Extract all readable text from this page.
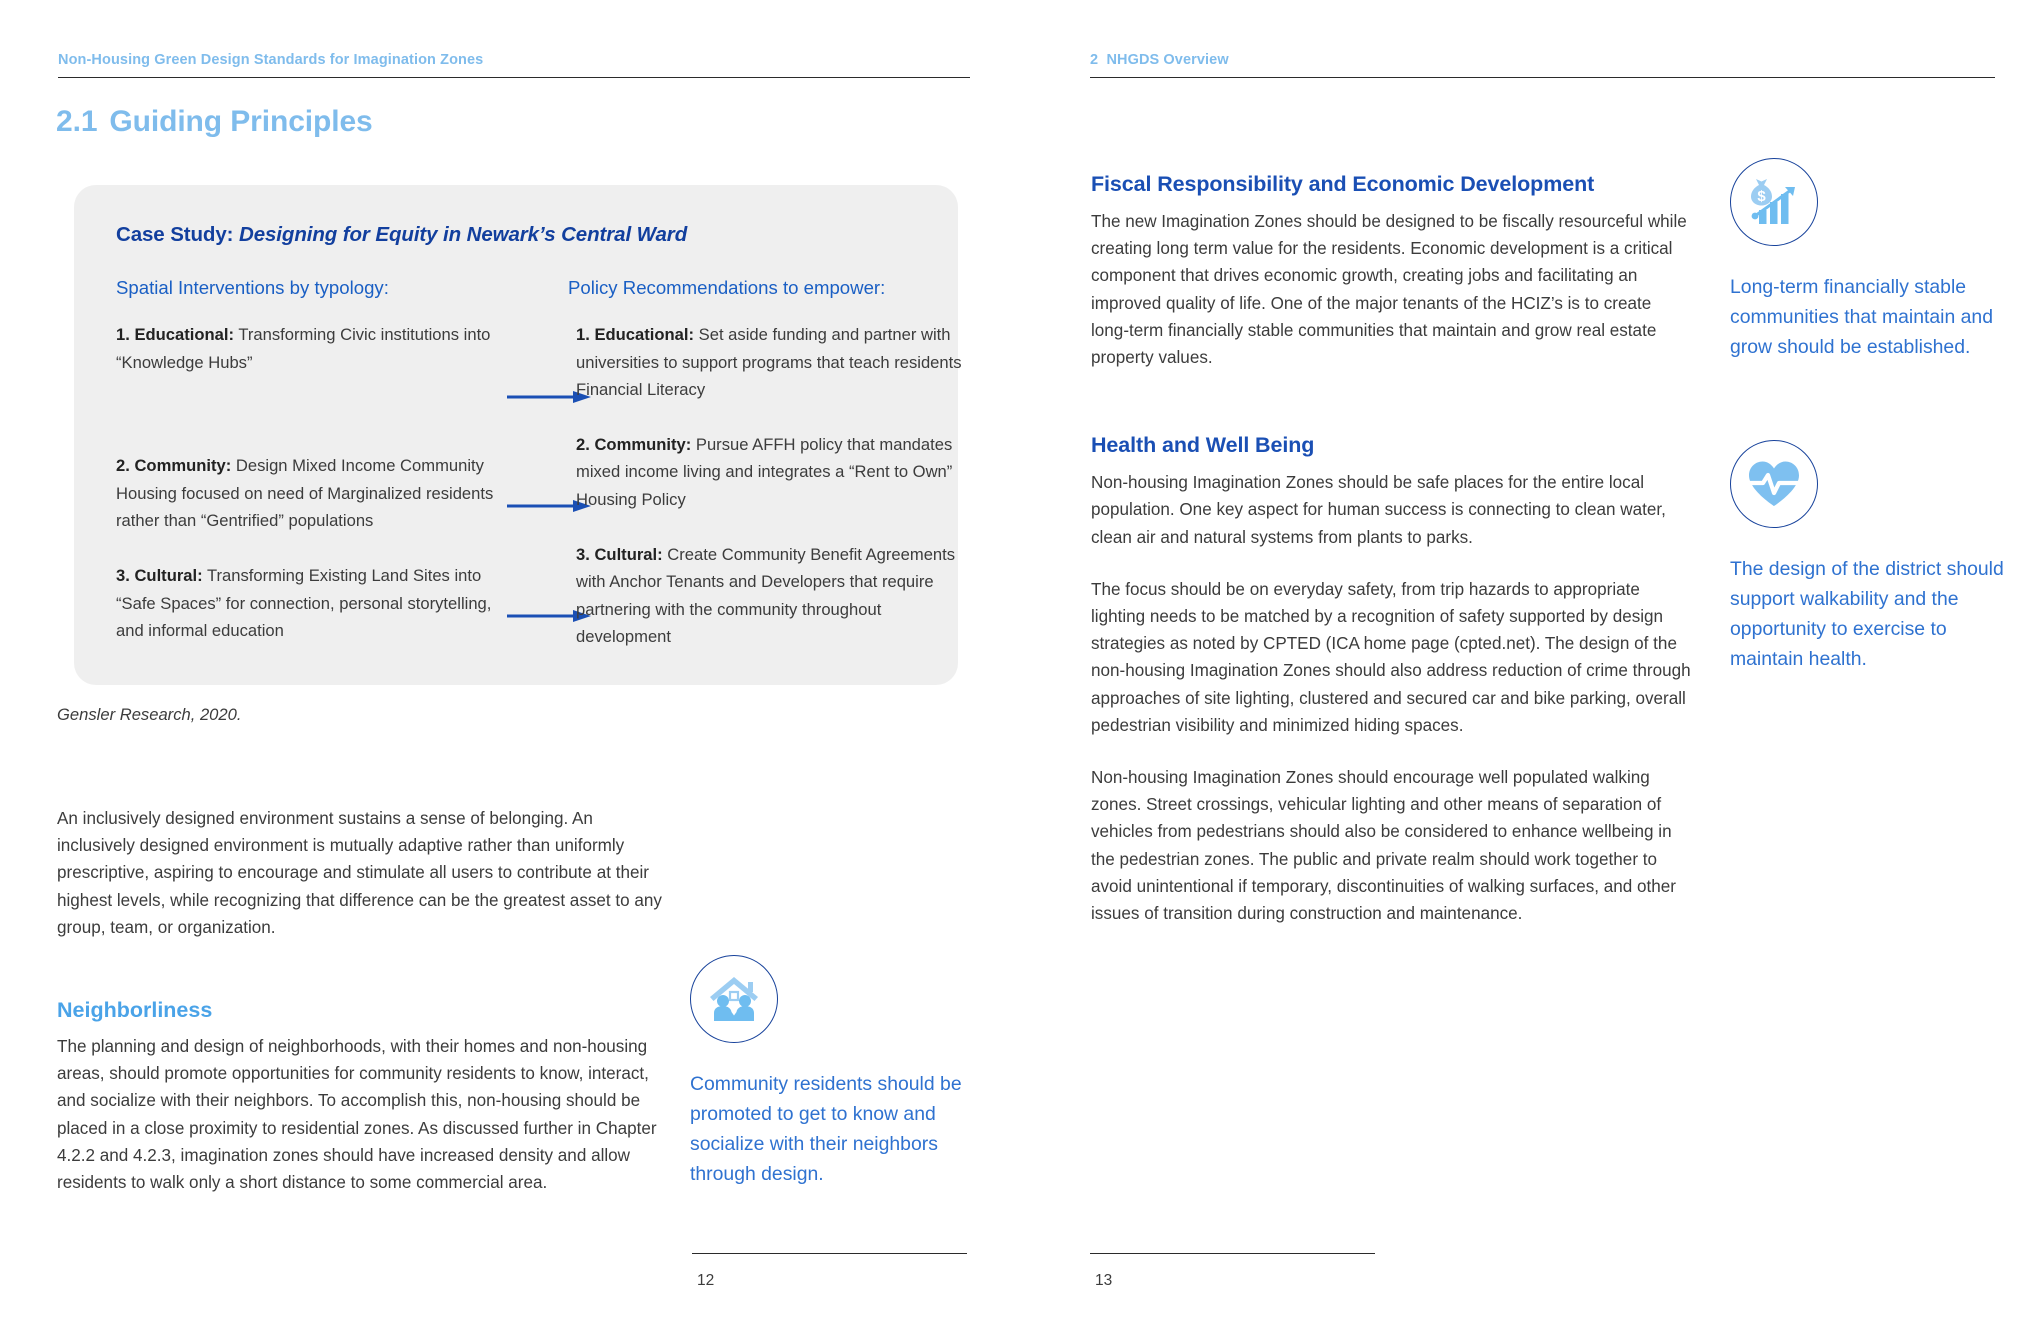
Non-Housing Green Design Standards for Imagination Zones
2.1 Guiding Principles
Case Study: Designing for Equity in Newark’s Central Ward
Spatial Interventions by typology:
1. Educational: Transforming Civic institutions into “Knowledge Hubs”
2. Community: Design Mixed Income Community Housing focused on need of Marginalized residents rather than “Gentrified” populations
3. Cultural: Transforming Existing Land Sites into “Safe Spaces” for connection, personal storytelling, and informal education
Policy Recommendations to empower:
1. Educational: Set aside funding and partner with universities to support programs that teach residents Financial Literacy
2. Community: Pursue AFFH policy that mandates mixed income living and integrates a “Rent to Own” Housing Policy
3. Cultural: Create Community Benefit Agreements with Anchor Tenants and Developers that require partnering with the community throughout development
Gensler Research, 2020.

An inclusively designed environment sustains a sense of belonging. An inclusively designed environment is mutually adaptive rather than uniformly prescriptive, aspiring to encourage and stimulate all users to contribute at their highest levels, while recognizing that difference can be the greatest asset to any group, team, or organization.

Neighborliness

The planning and design of neighborhoods, with their homes and non-housing areas, should promote opportunities for community residents to know, interact, and socialize with their neighbors. To accomplish this, non-housing should be placed in a close proximity to residential zones. As discussed further in Chapter 4.2.2 and 4.2.3, imagination zones should have increased density and allow residents to walk only a short distance to some commercial area.

Community residents should be promoted to get to know and socialize with their neighbors through design.
12
2 NHGDS Overview
Fiscal Responsibility and Economic Development

The new Imagination Zones should be designed to be fiscally resourceful while creating long term value for the residents. Economic development is a critical component that drives economic growth, creating jobs and facilitating an improved quality of life. One of the major tenants of the HCIZ’s is to create long-term financially stable communities that maintain and grow real estate property values.

Health and Well Being

Non-housing Imagination Zones should be safe places for the entire local population. One key aspect for human success is connecting to clean water, clean air and natural systems from plants to parks.

The focus should be on everyday safety, from trip hazards to appropriate lighting needs to be matched by a recognition of safety supported by design strategies as noted by CPTED (ICA home page (cpted.net). The design of the non-housing Imagination Zones should also address reduction of crime through approaches of site lighting, clustered and secured car and bike parking, overall pedestrian visibility and minimized hiding spaces.

Non-housing Imagination Zones should encourage well populated walking zones. Street crossings, vehicular lighting and other means of separation of vehicles from pedestrians should also be considered to enhance wellbeing in the pedestrian zones. The public and private realm should work together to avoid unintentional if temporary, discontinuities of walking surfaces, and other issues of transition during construction and maintenance.

$
Long-term financially stable communities that maintain and grow should be established.
The design of the district should support walkability and the opportunity to exercise to maintain health.
13
